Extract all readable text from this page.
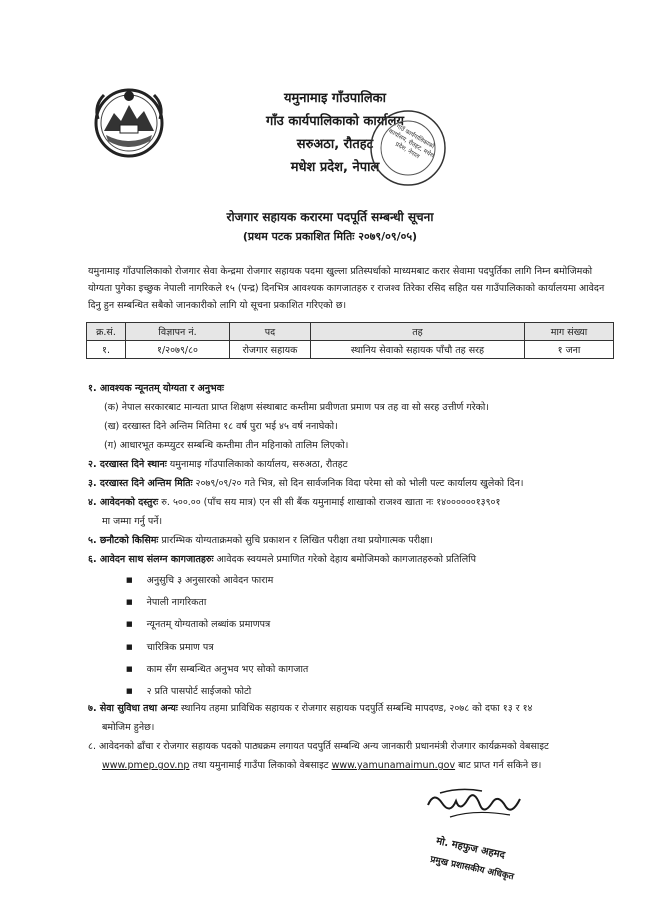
यमुनामाइ गाँउपालिका
गाँउ कार्यपालिकाको कार्यालय
सरुअठा, रौतहट
मधेश प्रदेश, नेपाल
गाउँ कार्यपालिकाको कार्यालय, रौतहट, मधेश प्रदेश, नेपाल
रोजगार सहायक करारमा पदपूर्ति सम्बन्धी सूचना
(प्रथम पटक प्रकाशित मितिः २०७९/०९/०५)
यमुनामाइ गाँउपालिकाको रोजगार सेवा केन्द्रमा रोजगार सहायक पदमा खुल्ला प्रतिस्पर्धाको माध्यमबाट करार सेवामा पदपुर्तिका लागि निम्न बमोजिमको योग्यता पुगेका इच्छुक नेपाली नागरिकले १५ (पन्द्र) दिनभित्र आवश्यक कागजातहरु र राजश्व तिरेका रसिद सहित यस गाउँपालिकाको कार्यालयमा आवेदन दिनु हुन सम्बन्धित सबैको जानकारीको लागि यो सूचना प्रकाशित गरिएको छ।
क्र.सं.	विज्ञापन नं.	पद	तह	माग संख्या
१.	१/२०७९/८०	रोजगार सहायक	स्थानिय सेवाको सहायक पाँचौ तह सरह	१ जना
१. आवश्यक न्यूनतम् योग्यता र अनुभवः
(क) नेपाल सरकारबाट मान्यता प्राप्त शिक्षण संस्थाबाट कम्तीमा प्रवीणता प्रमाण पत्र तह वा सो सरह उत्तीर्ण गरेको।
(ख) दरखास्त दिने अन्तिम मितिमा १८ वर्ष पुरा भई ४५ वर्ष ननाघेको।
(ग) आधारभूत कम्प्युटर सम्बन्धि कम्तीमा तीन महिनाको तालिम लिएको।
२. दरखास्त दिने स्थानः यमुनामाइ गाँउपालिकाको कार्यालय, सरुअठा, रौतहट
३. दरखास्त दिने अन्तिम मितिः २०७९/०९/२० गते भित्र, सो दिन सार्वजनिक विदा परेमा सो को भोली पल्ट कार्यालय खुलेको दिन।
४. आवेदनको दस्तुरः रु. ५००.०० (पाँच सय मात्र) एन सी सी बैंक यमुनामाई शाखाको राजश्व खाता नः १४००००००१३९०१
मा जम्मा गर्नु पर्ने।
५. छनौटको किसिमः प्रारम्भिक योग्यताक्रमको सुचि प्रकाशन र लिखित परीक्षा तथा प्रयोगात्मक परीक्षा।
६. आवेदन साथ संलग्न कागजातहरुः आवेदक स्वयमले प्रमाणित गरेको देहाय बमोजिमको कागजातहरुको प्रतिलिपि
■ अनुसुचि ३ अनुसारको आवेदन फाराम
■ नेपाली नागरिकता
■ न्यूनतम् योग्यताको लब्धांक प्रमाणपत्र
■ चारित्रिक प्रमाण पत्र
■ काम सँग सम्बन्धित अनुभव भए सोको कागजात
■ २ प्रति पासपोर्ट साईजको फोटो
७. सेवा सुविधा तथा अन्यः स्थानिय तहमा प्राविधिक सहायक र रोजगार सहायक पदपुर्ति सम्बन्धि मापदण्ड, २०७८ को दफा १३ र १४
बमोजिम हुनेछ।
८. आवेदनको ढाँचा र रोजगार सहायक पदको पाठ्यक्रम लगायत पदपुर्ति सम्बन्धि अन्य जानकारी प्रधानमंत्री रोजगार कार्यक्रमको वेबसाइट
www.pmep.gov.np तथा यमुनामाई गाउँपा लिकाको वेबसाइट www.yamunamaimun.gov बाट प्राप्त गर्न सकिने छ।
मो. महफुज अहमद
प्रमुख प्रशासकीय अधिकृत
